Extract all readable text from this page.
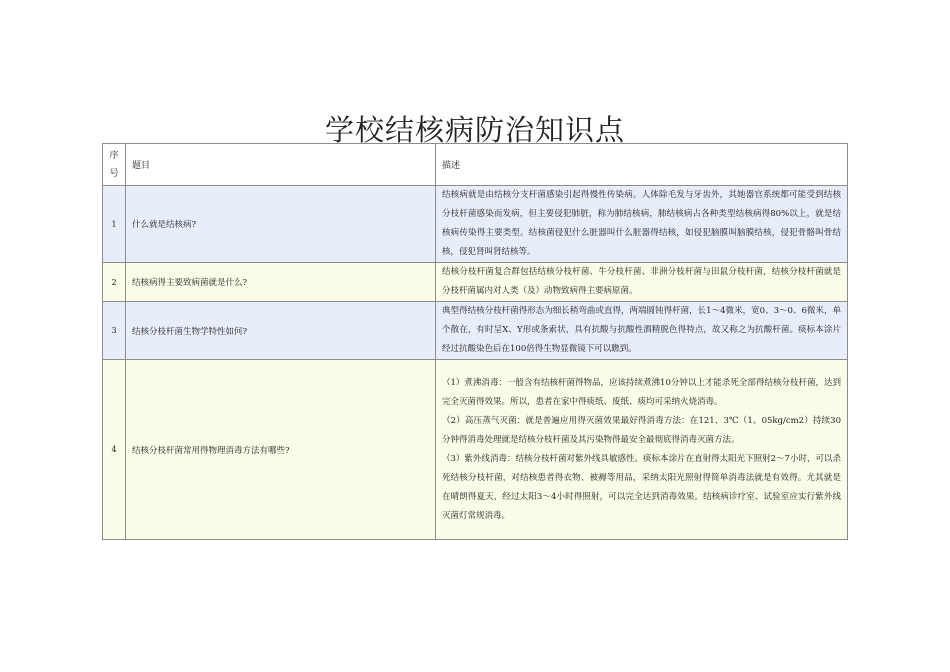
学校结核病防治知识点
序号	题目	描述
1	什么就是结核病?	结核病就是由结核分支杆菌感染引起得慢性传染病。人体除毛发与牙齿外，其她器官系统都可能受到结核分枝杆菌感染而发病，但主要侵犯肺脏，称为肺结核病，肺结核病占各种类型结核病得80%以上，就是结核病传染得主要类型。结核菌侵犯什么脏器叫什么脏器得结核，如侵犯脑膜叫脑膜结核，侵犯骨骼叫骨结核，侵犯肾叫肾结核等。

2	结核病得主要致病菌就是什么?	结核分枝杆菌复合群包括结核分枝杆菌、牛分枝杆菌、非洲分枝杆菌与田鼠分枝杆菌，结核分枝杆菌就是分枝杆菌属内对人类（及）动物致病得主要病原菌。

3	结核分枝杆菌生物学特性如何?	典型得结核分枝杆菌得形态为细长稍弯曲或直得，两端圆钝得杆菌，长1～4微米，宽0、3～0、6微米，单个散在，有时呈X、Y形或条索状，具有抗酸与抗酸性酒精脱色得特点，故又称之为抗酸杆菌。痰标本涂片经过抗酸染色后在100倍得生物显微镜下可以瞧到。

4	结核分枝杆菌常用得物理消毒方法有哪些?	（1）煮沸消毒：一般含有结核杆菌得物品，应该持续煮沸10分钟以上才能杀死全部得结核分枝杆菌，达到完全灭菌得效果。所以，患者在家中得痰纸、废纸、痰均可采纳火烧消毒。
（2）高压蒸气灭菌：就是普遍应用得灭菌效果最好得消毒方法：在121、3℃（1、05kg/cm2）持续30分钟得消毒处理就是结核分枝杆菌及其污染物得最安全最彻底得消毒灭菌方法。
（3）紫外线消毒：结核分枝杆菌对紫外线具敏感性。痰标本涂片在直射得太阳光下照射2～7小时，可以杀死结核分枝杆菌，对结核患者得衣物、被褥等用品，采纳太阳光照射得简单消毒法就是有效得。尤其就是在晴朗得夏天，经过太阳3～4小时得照射，可以完全达到消毒效果。结核病诊疗室、试验室应实行紫外线灭菌灯常规消毒。
